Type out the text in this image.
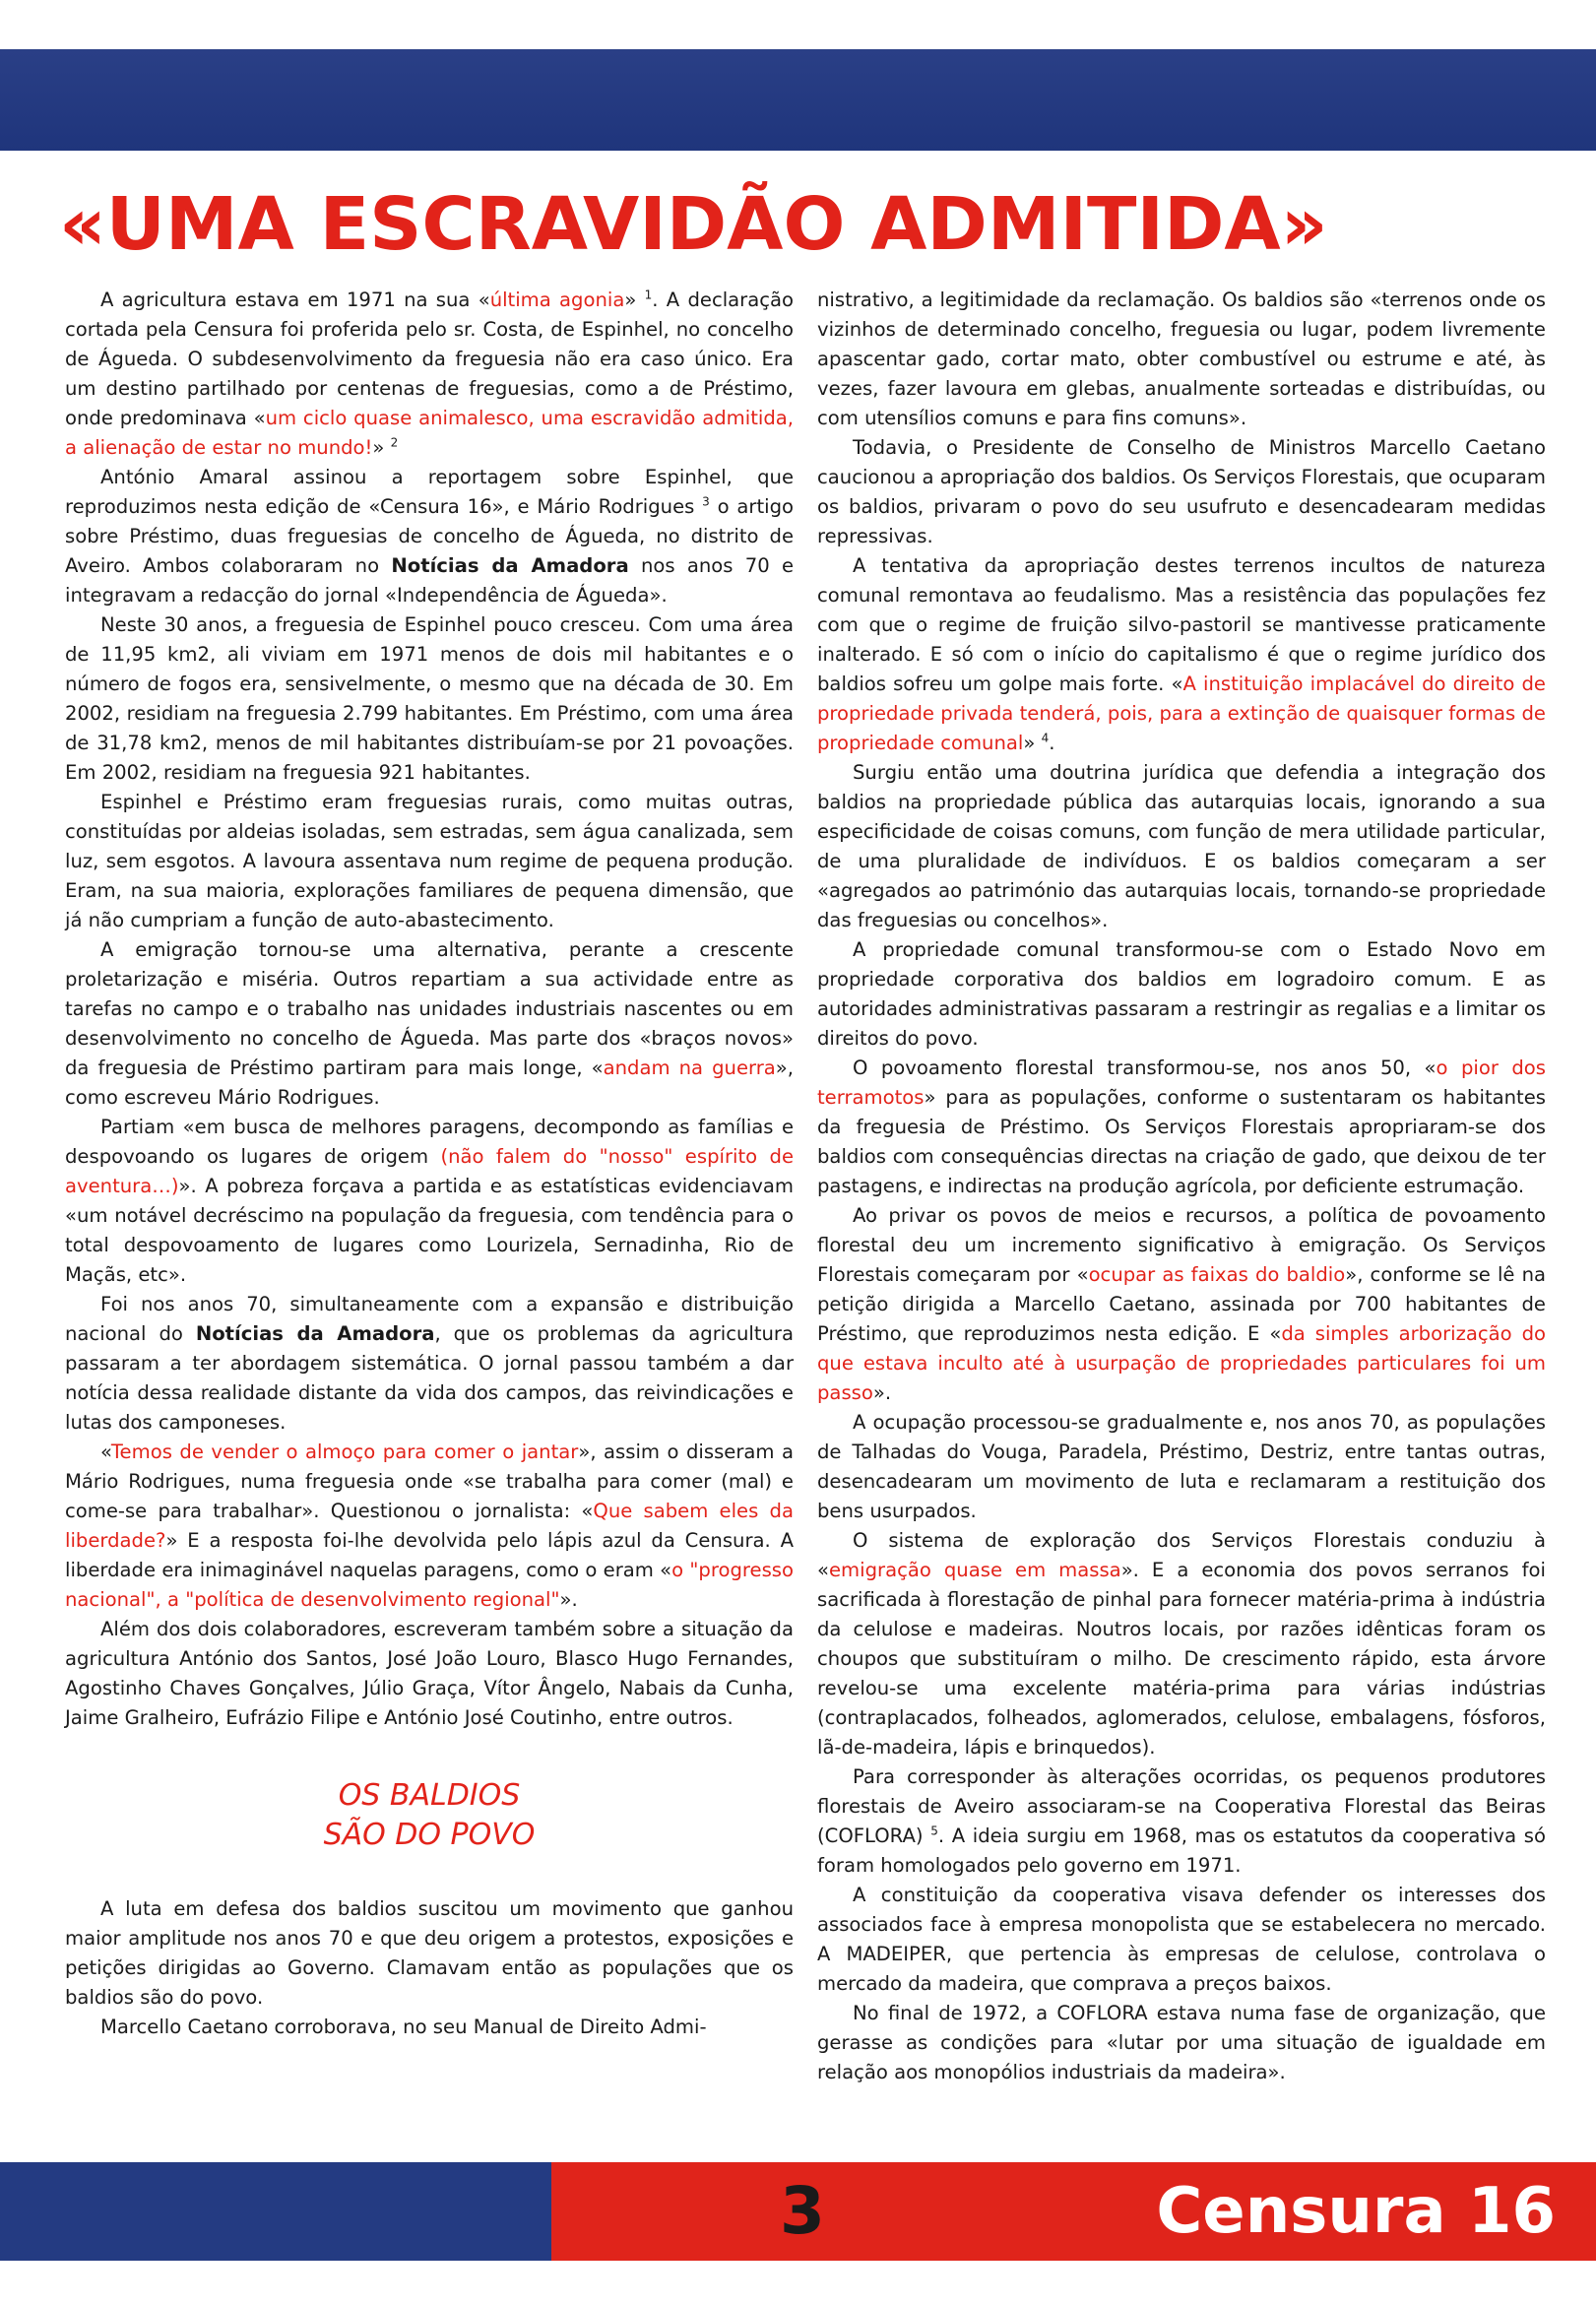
«UMA ESCRAVIDÃO ADMITIDA»

A agricultura estava em 1971 na sua «última agonia» $^1$. A declaração cortada pela Censura foi proferida pelo sr. Costa, de Espinhel, no concelho de Águeda. O subdesenvolvimento da freguesia não era caso único. Era um destino partilhado por centenas de freguesias, como a de Préstimo, onde predominava «um ciclo quase animalesco, uma escravidão admitida, a alienação de estar no mundo!» $^2$

António Amaral assinou a reportagem sobre Espinhel, que reproduzimos nesta edição de «Censura 16», e Mário Rodrigues $^3$ o artigo sobre Préstimo, duas freguesias de concelho de Águeda, no distrito de Aveiro. Ambos colaboraram no Notícias da Amadora nos anos 70 e integravam a redacção do jornal «Independência de Águeda».

Neste 30 anos, a freguesia de Espinhel pouco cresceu. Com uma área de 11,95 km2, ali viviam em 1971 menos de dois mil habitantes e o número de fogos era, sensivelmente, o mesmo que na década de 30. Em 2002, residiam na freguesia 2.799 habitantes. Em Préstimo, com uma área de 31,78 km2, menos de mil habitantes distribuíam-se por 21 povoações. Em 2002, residiam na freguesia 921 habitantes.

Espinhel e Préstimo eram freguesias rurais, como muitas outras, constituídas por aldeias isoladas, sem estradas, sem água canalizada, sem luz, sem esgotos. A lavoura assentava num regime de pequena produção. Eram, na sua maioria, explorações familiares de pequena dimensão, que já não cumpriam a função de auto-abastecimento.

A emigração tornou-se uma alternativa, perante a crescente proletarização e miséria. Outros repartiam a sua actividade entre as tarefas no campo e o trabalho nas unidades industriais nascentes ou em desenvolvimento no concelho de Águeda. Mas parte dos «braços novos» da freguesia de Préstimo partiram para mais longe, «andam na guerra», como escreveu Mário Rodrigues.

Partiam «em busca de melhores paragens, decompondo as famílias e despovoando os lugares de origem (não falem do "nosso" espírito de aventura…)». A pobreza forçava a partida e as estatísticas evidenciavam «um notável decréscimo na população da freguesia, com tendência para o total despovoamento de lugares como Lourizela, Sernadinha, Rio de Maçãs, etc».

Foi nos anos 70, simultaneamente com a expansão e distribuição nacional do Notícias da Amadora, que os problemas da agricultura passaram a ter abordagem sistemática. O jornal passou também a dar notícia dessa realidade distante da vida dos campos, das reivindicações e lutas dos camponeses.

«Temos de vender o almoço para comer o jantar», assim o disseram a Mário Rodrigues, numa freguesia onde «se trabalha para comer (mal) e come-se para trabalhar». Questionou o jornalista: «Que sabem eles da liberdade?» E a resposta foi-lhe devolvida pelo lápis azul da Censura. A liberdade era inimaginável naquelas paragens, como o eram «o "progresso nacional", a "política de desenvolvimento regional"».

Além dos dois colaboradores, escreveram também sobre a situação da agricultura António dos Santos, José João Louro, Blasco Hugo Fernandes, Agostinho Chaves Gonçalves, Júlio Graça, Vítor Ângelo, Nabais da Cunha, Jaime Gralheiro, Eufrázio Filipe e António José Coutinho, entre outros.

OS BALDIOS
SÃO DO POVO

A luta em defesa dos baldios suscitou um movimento que ganhou maior amplitude nos anos 70 e que deu origem a protestos, exposições e petições dirigidas ao Governo. Clamavam então as populações que os baldios são do povo.

Marcello Caetano corroborava, no seu Manual de Direito Admi-

nistrativo, a legitimidade da reclamação. Os baldios são «terrenos onde os vizinhos de determinado concelho, freguesia ou lugar, podem livremente apascentar gado, cortar mato, obter combustível ou estrume e até, às vezes, fazer lavoura em glebas, anualmente sorteadas e distribuídas, ou com utensílios comuns e para fins comuns».

Todavia, o Presidente de Conselho de Ministros Marcello Caetano caucionou a apropriação dos baldios. Os Serviços Florestais, que ocuparam os baldios, privaram o povo do seu usufruto e desencadearam medidas repressivas.

A tentativa da apropriação destes terrenos incultos de natureza comunal remontava ao feudalismo. Mas a resistência das populações fez com que o regime de fruição silvo-pastoril se mantivesse praticamente inalterado. E só com o início do capitalismo é que o regime jurídico dos baldios sofreu um golpe mais forte. «A instituição implacável do direito de propriedade privada tenderá, pois, para a extinção de quaisquer formas de propriedade comunal» $^4$.

Surgiu então uma doutrina jurídica que defendia a integração dos baldios na propriedade pública das autarquias locais, ignorando a sua especificidade de coisas comuns, com função de mera utilidade particular, de uma pluralidade de indivíduos. E os baldios começaram a ser «agregados ao património das autarquias locais, tornando-se propriedade das freguesias ou concelhos».

A propriedade comunal transformou-se com o Estado Novo em propriedade corporativa dos baldios em logradoiro comum. E as autoridades administrativas passaram a restringir as regalias e a limitar os direitos do povo.

O povoamento florestal transformou-se, nos anos 50, «o pior dos terramotos» para as populações, conforme o sustentaram os habitantes da freguesia de Préstimo. Os Serviços Florestais apropriaram-se dos baldios com consequências directas na criação de gado, que deixou de ter pastagens, e indirectas na produção agrícola, por deficiente estrumação.

Ao privar os povos de meios e recursos, a política de povoamento florestal deu um incremento significativo à emigração. Os Serviços Florestais começaram por «ocupar as faixas do baldio», conforme se lê na petição dirigida a Marcello Caetano, assinada por 700 habitantes de Préstimo, que reproduzimos nesta edição. E «da simples arborização do que estava inculto até à usurpação de propriedades particulares foi um passo».

A ocupação processou-se gradualmente e, nos anos 70, as populações de Talhadas do Vouga, Paradela, Préstimo, Destriz, entre tantas outras, desencadearam um movimento de luta e reclamaram a restituição dos bens usurpados.

O sistema de exploração dos Serviços Florestais conduziu à «emigração quase em massa». E a economia dos povos serranos foi sacrificada à florestação de pinhal para fornecer matéria-prima à indústria da celulose e madeiras. Noutros locais, por razões idênticas foram os choupos que substituíram o milho. De crescimento rápido, esta árvore revelou-se uma excelente matéria-prima para várias indústrias (contraplacados, folheados, aglomerados, celulose, embalagens, fósforos, lã-de-madeira, lápis e brinquedos).

Para corresponder às alterações ocorridas, os pequenos produtores florestais de Aveiro associaram-se na Cooperativa Florestal das Beiras (COFLORA) $^5$. A ideia surgiu em 1968, mas os estatutos da cooperativa só foram homologados pelo governo em 1971.

A constituição da cooperativa visava defender os interesses dos associados face à empresa monopolista que se estabelecera no mercado. A MADEIPER, que pertencia às empresas de celulose, controlava o mercado da madeira, que comprava a preços baixos.

No final de 1972, a COFLORA estava numa fase de organização, que gerasse as condições para «lutar por uma situação de igualdade em relação aos monopólios industriais da madeira».

3	Censura 16
